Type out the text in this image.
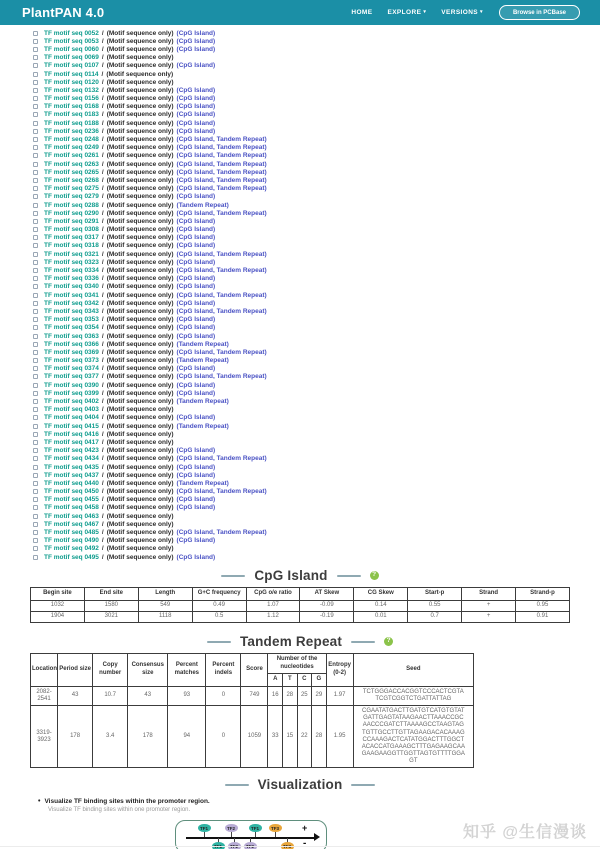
PlantPAN 4.0	HOME EXPLORE ▾ VERSIONS ▾	Browse in PCBase
TF motif seq 0052 / (Motif sequence only) (CpG Island)
TF motif seq 0053 / (Motif sequence only) (CpG Island)
TF motif seq 0060 / (Motif sequence only) (CpG Island)
TF motif seq 0069 / (Motif sequence only)
TF motif seq 0107 / (Motif sequence only) (CpG Island)
TF motif seq 0114 / (Motif sequence only)
TF motif seq 0120 / (Motif sequence only)
TF motif seq 0132 / (Motif sequence only) (CpG Island)
TF motif seq 0156 / (Motif sequence only) (CpG Island)
TF motif seq 0168 / (Motif sequence only) (CpG Island)
TF motif seq 0183 / (Motif sequence only) (CpG Island)
TF motif seq 0188 / (Motif sequence only) (CpG Island)
TF motif seq 0236 / (Motif sequence only) (CpG Island)
TF motif seq 0248 / (Motif sequence only) (CpG Island, Tandem Repeat)
TF motif seq 0249 / (Motif sequence only) (CpG Island, Tandem Repeat)
TF motif seq 0261 / (Motif sequence only) (CpG Island, Tandem Repeat)
TF motif seq 0263 / (Motif sequence only) (CpG Island, Tandem Repeat)
TF motif seq 0265 / (Motif sequence only) (CpG Island, Tandem Repeat)
TF motif seq 0268 / (Motif sequence only) (CpG Island, Tandem Repeat)
TF motif seq 0275 / (Motif sequence only) (CpG Island, Tandem Repeat)
TF motif seq 0279 / (Motif sequence only) (CpG Island)
TF motif seq 0288 / (Motif sequence only) (Tandem Repeat)
TF motif seq 0290 / (Motif sequence only) (CpG Island, Tandem Repeat)
TF motif seq 0291 / (Motif sequence only) (CpG Island)
TF motif seq 0308 / (Motif sequence only) (CpG Island)
TF motif seq 0317 / (Motif sequence only) (CpG Island)
TF motif seq 0318 / (Motif sequence only) (CpG Island)
TF motif seq 0321 / (Motif sequence only) (CpG Island, Tandem Repeat)
TF motif seq 0323 / (Motif sequence only) (CpG Island)
TF motif seq 0334 / (Motif sequence only) (CpG Island, Tandem Repeat)
TF motif seq 0336 / (Motif sequence only) (CpG Island)
TF motif seq 0340 / (Motif sequence only) (CpG Island)
TF motif seq 0341 / (Motif sequence only) (CpG Island, Tandem Repeat)
TF motif seq 0342 / (Motif sequence only) (CpG Island)
TF motif seq 0343 / (Motif sequence only) (CpG Island, Tandem Repeat)
TF motif seq 0353 / (Motif sequence only) (CpG Island)
TF motif seq 0354 / (Motif sequence only) (CpG Island)
TF motif seq 0363 / (Motif sequence only) (CpG Island)
TF motif seq 0366 / (Motif sequence only) (Tandem Repeat)
TF motif seq 0369 / (Motif sequence only) (CpG Island, Tandem Repeat)
TF motif seq 0373 / (Motif sequence only) (Tandem Repeat)
TF motif seq 0374 / (Motif sequence only) (CpG Island)
TF motif seq 0377 / (Motif sequence only) (CpG Island, Tandem Repeat)
TF motif seq 0390 / (Motif sequence only) (CpG Island)
TF motif seq 0399 / (Motif sequence only) (CpG Island)
TF motif seq 0402 / (Motif sequence only) (Tandem Repeat)
TF motif seq 0403 / (Motif sequence only)
TF motif seq 0404 / (Motif sequence only) (CpG Island)
TF motif seq 0415 / (Motif sequence only) (Tandem Repeat)
TF motif seq 0416 / (Motif sequence only)
TF motif seq 0417 / (Motif sequence only)
TF motif seq 0423 / (Motif sequence only) (CpG Island)
TF motif seq 0434 / (Motif sequence only) (CpG Island, Tandem Repeat)
TF motif seq 0435 / (Motif sequence only) (CpG Island)
TF motif seq 0437 / (Motif sequence only) (CpG Island)
TF motif seq 0440 / (Motif sequence only) (Tandem Repeat)
TF motif seq 0450 / (Motif sequence only) (CpG Island, Tandem Repeat)
TF motif seq 0455 / (Motif sequence only) (CpG Island)
TF motif seq 0458 / (Motif sequence only) (CpG Island)
TF motif seq 0463 / (Motif sequence only)
TF motif seq 0467 / (Motif sequence only)
TF motif seq 0485 / (Motif sequence only) (CpG Island, Tandem Repeat)
TF motif seq 0490 / (Motif sequence only) (CpG Island)
TF motif seq 0492 / (Motif sequence only)
TF motif seq 0495 / (Motif sequence only) (CpG Island)
CpG Island	?
Begin site	End site	Length	G+C frequency	CpG o/e ratio	AT Skew	CG Skew	Start-p	Strand	Strand-p
1032	1580	549	0.49	1.07	-0.09	0.14	0.55	+	0.95
1904	3021	1118	0.5	1.12	-0.19	0.01	0.7	+	0.91
Tandem Repeat	?
Location	Period size	Copy number	Consensus size	Percent matches	Percent indels	Score	Number of the nucleotides				Entropy (0-2)	Seed
							A	T	C	G		
2082-2541	43	10.7	43	93	0	749	16	28	25	29	1.97	TCTGGGACCACGGTCCCACTCGTATCGTCGGTCTGATTATTAG
3319-3923	178	3.4	178	94	0	1059	33	15	22	28	1.95	CGAATATGACTTGATGTCATGTGTATGATTGAGTATAAGAACTTAAACCGCAACCCGATCTTAAAAGCCTAAGTAGTGTTGCCTTGTTAGAAGACACAAAGCCAAAGACTCATATGGACTTTGGCTACACCATGAAAGCTTTGAGAAGCAAGAAGAAGGTTGGTTAGTGTTTTGGAGT
Visualization
• Visualize TF binding sites within the promoter region.
Visualize TF binding sites within one promoter region.
+
-
TF1	TF2	TF1	TF3
TF1	TF2	TF2	TF3
知乎 @生信漫谈
